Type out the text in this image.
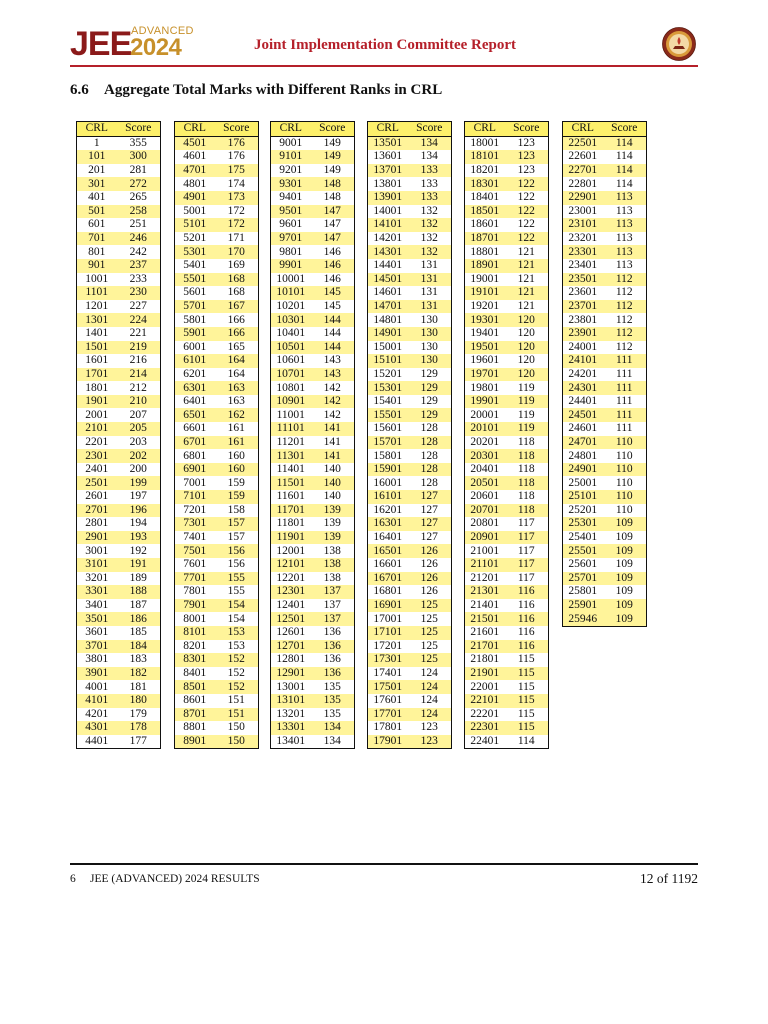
JEE ADVANCED
2024	Joint Implementation Committee Report
6.6 Aggregate Total Marks with Different Ranks in CRL
CRL	Score
1	355
101	300
201	281
301	272
401	265
501	258
601	251
701	246
801	242
901	237
1001	233
1101	230
1201	227
1301	224
1401	221
1501	219
1601	216
1701	214
1801	212
1901	210
2001	207
2101	205
2201	203
2301	202
2401	200
2501	199
2601	197
2701	196
2801	194
2901	193
3001	192
3101	191
3201	189
3301	188
3401	187
3501	186
3601	185
3701	184
3801	183
3901	182
4001	181
4101	180
4201	179
4301	178
4401	177
CRL	Score
4501	176
4601	176
4701	175
4801	174
4901	173
5001	172
5101	172
5201	171
5301	170
5401	169
5501	168
5601	168
5701	167
5801	166
5901	166
6001	165
6101	164
6201	164
6301	163
6401	163
6501	162
6601	161
6701	161
6801	160
6901	160
7001	159
7101	159
7201	158
7301	157
7401	157
7501	156
7601	156
7701	155
7801	155
7901	154
8001	154
8101	153
8201	153
8301	152
8401	152
8501	152
8601	151
8701	151
8801	150
8901	150
CRL	Score
9001	149
9101	149
9201	149
9301	148
9401	148
9501	147
9601	147
9701	147
9801	146
9901	146
10001	146
10101	145
10201	145
10301	144
10401	144
10501	144
10601	143
10701	143
10801	142
10901	142
11001	142
11101	141
11201	141
11301	141
11401	140
11501	140
11601	140
11701	139
11801	139
11901	139
12001	138
12101	138
12201	138
12301	137
12401	137
12501	137
12601	136
12701	136
12801	136
12901	136
13001	135
13101	135
13201	135
13301	134
13401	134
CRL	Score
13501	134
13601	134
13701	133
13801	133
13901	133
14001	132
14101	132
14201	132
14301	132
14401	131
14501	131
14601	131
14701	131
14801	130
14901	130
15001	130
15101	130
15201	129
15301	129
15401	129
15501	129
15601	128
15701	128
15801	128
15901	128
16001	128
16101	127
16201	127
16301	127
16401	127
16501	126
16601	126
16701	126
16801	126
16901	125
17001	125
17101	125
17201	125
17301	125
17401	124
17501	124
17601	124
17701	124
17801	123
17901	123
CRL	Score
18001	123
18101	123
18201	123
18301	122
18401	122
18501	122
18601	122
18701	122
18801	121
18901	121
19001	121
19101	121
19201	121
19301	120
19401	120
19501	120
19601	120
19701	120
19801	119
19901	119
20001	119
20101	119
20201	118
20301	118
20401	118
20501	118
20601	118
20701	118
20801	117
20901	117
21001	117
21101	117
21201	117
21301	116
21401	116
21501	116
21601	116
21701	116
21801	115
21901	115
22001	115
22101	115
22201	115
22301	115
22401	114
CRL	Score
22501	114
22601	114
22701	114
22801	114
22901	113
23001	113
23101	113
23201	113
23301	113
23401	113
23501	112
23601	112
23701	112
23801	112
23901	112
24001	112
24101	111
24201	111
24301	111
24401	111
24501	111
24601	111
24701	110
24801	110
24901	110
25001	110
25101	110
25201	110
25301	109
25401	109
25501	109
25601	109
25701	109
25801	109
25901	109
25946	109
6 JEE (ADVANCED) 2024 RESULTS	12 of 1192
